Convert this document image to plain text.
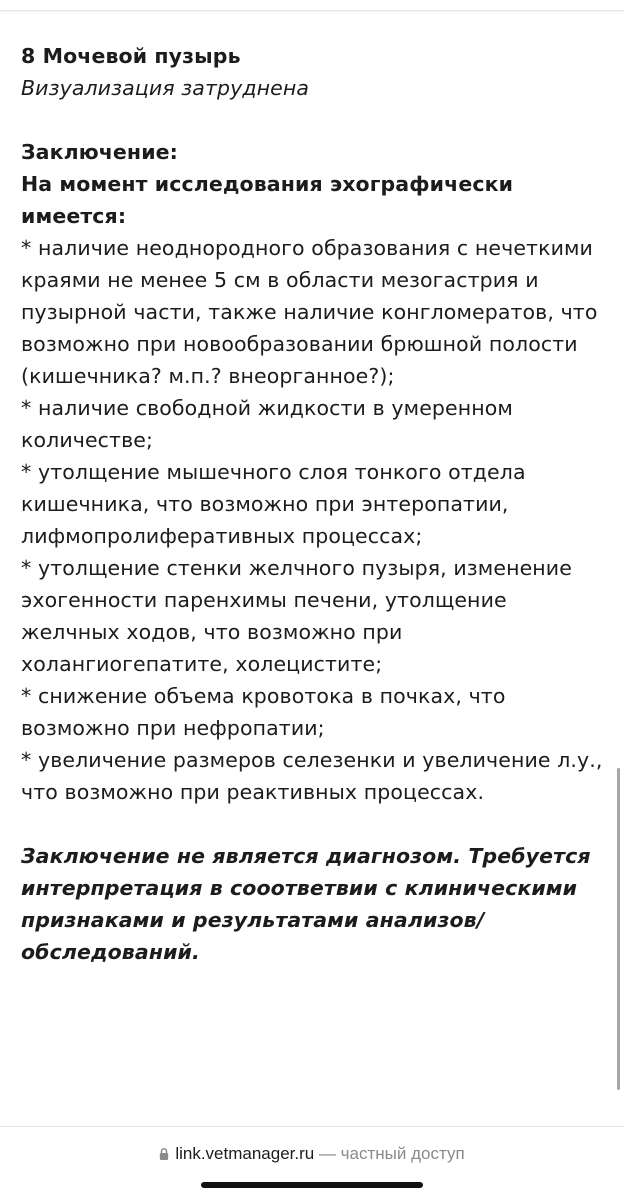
8 Мочевой пузырь

Визуализация затруднена

Заключение:

На момент исследования эхографически имеется:

* наличие неоднородного образования с нечеткими краями не менее 5 см в области мезогастрия и пузырной части, также наличие конгломератов, что возможно при новообразовании брюшной полости (кишечника? м.п.? внеорганное?);

* наличие свободной жидкости в умеренном количестве;

* утолщение мышечного слоя тонкого отдела кишечника, что возможно при энтеропатии, лифмопролиферативных процессах;

* утолщение стенки желчного пузыря, изменение эхогенности паренхимы печени, утолщение желчных ходов, что возможно при холангиогепатите, холецистите;

* снижение объема кровотока в почках, что возможно при нефропатии;

* увеличение размеров селезенки и увеличение л.у., что возможно при реактивных процессах.

Заключение не является диагнозом. Требуется интерпретация в сооответвии с клиническими признаками и результатами анализов/обследований.

link.vetmanager.ru — частный доступ
